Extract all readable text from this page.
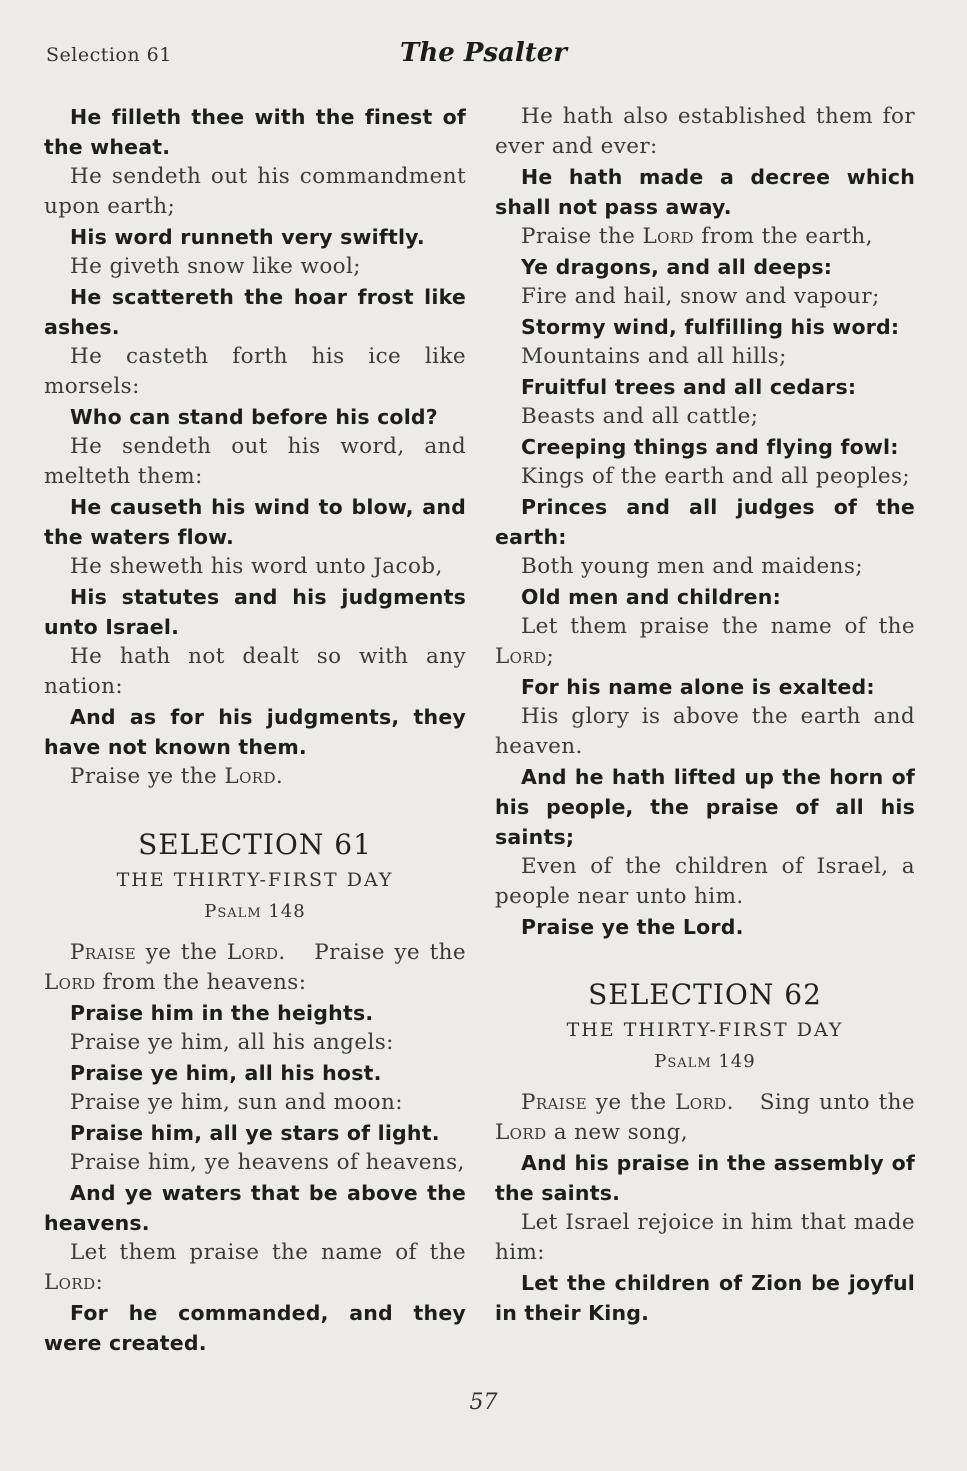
Selection 61	The Psalter

He filleth thee with the finest of the wheat.

He sendeth out his commandment upon earth;

His word runneth very swiftly.

He giveth snow like wool;

He scattereth the hoar frost like ashes.

He casteth forth his ice like morsels:

Who can stand before his cold?

He sendeth out his word, and melteth them:

He causeth his wind to blow, and the waters flow.

He sheweth his word unto Jacob,

His statutes and his judgments unto Israel.

He hath not dealt so with any nation:

And as for his judgments, they have not known them.

Praise ye the Lord.

SELECTION 61
THE THIRTY-FIRST DAY
Psalm 148

Praise ye the Lord. Praise ye the Lord from the heavens:

Praise him in the heights.

Praise ye him, all his angels:

Praise ye him, all his host.

Praise ye him, sun and moon:

Praise him, all ye stars of light.

Praise him, ye heavens of heavens,

And ye waters that be above the heavens.

Let them praise the name of the Lord:

For he commanded, and they were created.

He hath also established them for ever and ever:

He hath made a decree which shall not pass away.

Praise the Lord from the earth,

Ye dragons, and all deeps:

Fire and hail, snow and vapour;

Stormy wind, fulfilling his word:

Mountains and all hills;

Fruitful trees and all cedars:

Beasts and all cattle;

Creeping things and flying fowl:

Kings of the earth and all peoples;

Princes and all judges of the earth:

Both young men and maidens;

Old men and children:

Let them praise the name of the Lord;

For his name alone is exalted:

His glory is above the earth and heaven.

And he hath lifted up the horn of his people, the praise of all his saints;

Even of the children of Israel, a people near unto him.

Praise ye the Lord.

SELECTION 62
THE THIRTY-FIRST DAY
Psalm 149

Praise ye the Lord. Sing unto the Lord a new song,

And his praise in the assembly of the saints.

Let Israel rejoice in him that made him:

Let the children of Zion be joyful in their King.

57
